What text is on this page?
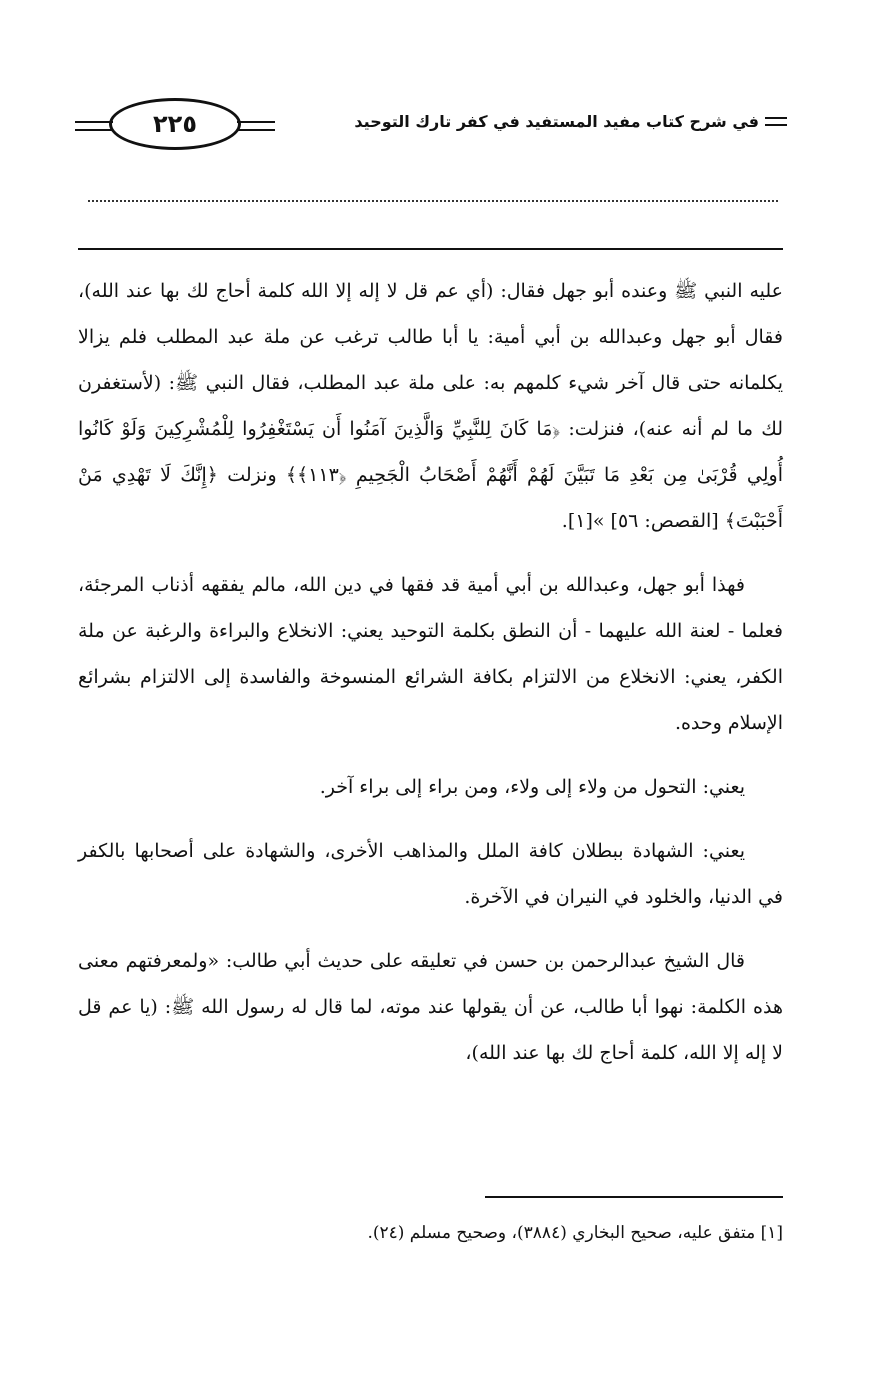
٢٢٥	في شرح كتاب مفيد المستفيد في كفر تارك التوحيد

عليه النبي ﷺ وعنده أبو جهل فقال: (أي عم قل لا إله إلا الله كلمة أحاج لك بها عند الله)، فقال أبو جهل وعبدالله بن أبي أمية: يا أبا طالب ترغب عن ملة عبد المطلب فلم يزالا يكلمانه حتى قال آخر شيء كلمهم به: على ملة عبد المطلب، فقال النبي ﷺ: (لأستغفرن لك ما لم أنه عنه)، فنزلت: ﴿مَا كَانَ لِلنَّبِيِّ وَالَّذِينَ آمَنُوا أَن يَسْتَغْفِرُوا لِلْمُشْرِكِينَ وَلَوْ كَانُوا أُولِي قُرْبَىٰ مِن بَعْدِ مَا تَبَيَّنَ لَهُمْ أَنَّهُمْ أَصْحَابُ الْجَحِيمِ ﴿١١٣﴾﴾ ونزلت ﴿إِنَّكَ لَا تَهْدِي مَنْ أَحْبَبْتَ﴾ [القصص: ٥٦] »[١].

فهذا أبو جهل، وعبدالله بن أبي أمية قد فقها في دين الله، مالم يفقهه أذناب المرجئة، فعلما - لعنة الله عليهما - أن النطق بكلمة التوحيد يعني: الانخلاع والبراءة والرغبة عن ملة الكفر، يعني: الانخلاع من الالتزام بكافة الشرائع المنسوخة والفاسدة إلى الالتزام بشرائع الإسلام وحده.

يعني: التحول من ولاء إلى ولاء، ومن براء إلى براء آخر.

يعني: الشهادة ببطلان كافة الملل والمذاهب الأخرى، والشهادة على أصحابها بالكفر في الدنيا، والخلود في النيران في الآخرة.

قال الشيخ عبدالرحمن بن حسن في تعليقه على حديث أبي طالب: «ولمعرفتهم معنى هذه الكلمة: نهوا أبا طالب، عن أن يقولها عند موته، لما قال له رسول الله ﷺ: (يا عم قل لا إله إلا الله، كلمة أحاج لك بها عند الله)،

[١] متفق عليه، صحيح البخاري (٣٨٨٤)، وصحيح مسلم (٢٤).
